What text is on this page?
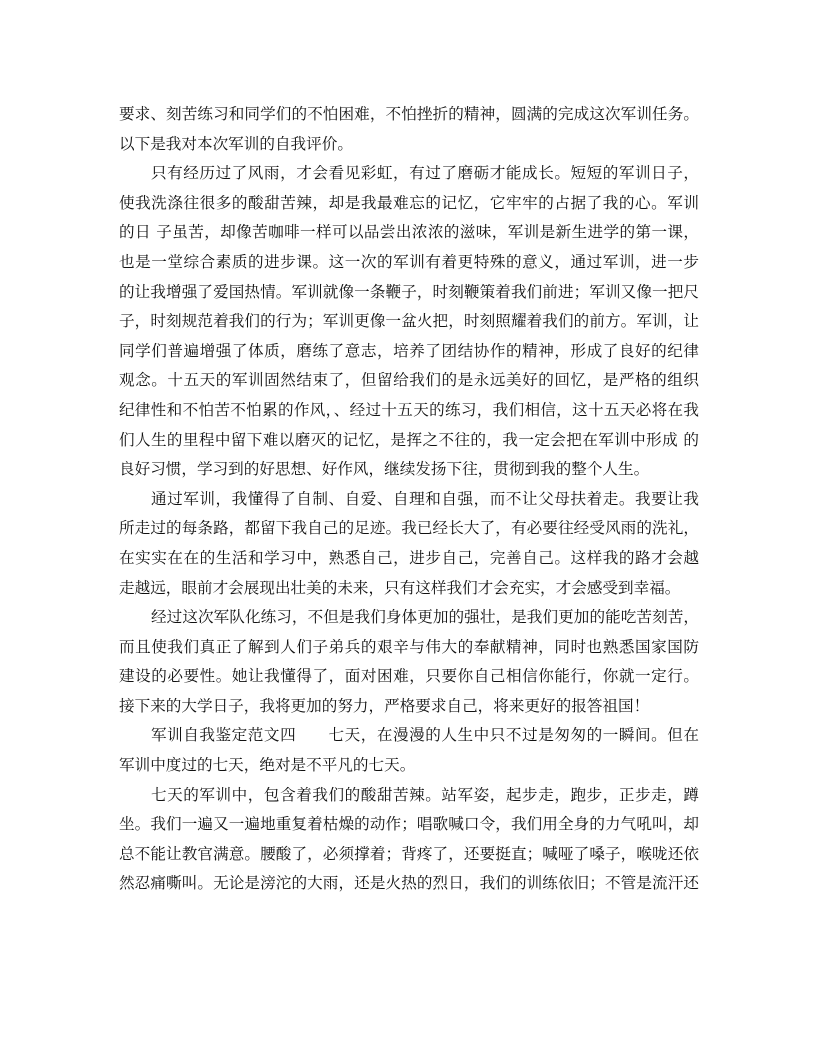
要求、刻苦练习和同学们的不怕困难，不怕挫折的精神，圆满的完成这次军训任务。
以下是我对本次军训的自我评价。
只有经历过了风雨，才会看见彩虹，有过了磨砺才能成长。短短的军训日子，
使我洗涤往很多的酸甜苦辣，却是我最难忘的记忆，它牢牢的占据了我的心。军训
的日 子虽苦，却像苦咖啡一样可以品尝出浓浓的滋味，军训是新生进学的第一课，
也是一堂综合素质的进步课。这一次的军训有着更特殊的意义，通过军训，进一步
的让我增强了爱国热情。军训就像一条鞭子，时刻鞭策着我们前进；军训又像一把尺
子，时刻规范着我们的行为；军训更像一盆火把，时刻照耀着我们的前方。军训，让
同学们普遍增强了体质，磨练了意志，培养了团结协作的精神，形成了良好的纪律
观念。十五天的军训固然结束了，但留给我们的是永远美好的回忆，是严格的组织
纪律性和不怕苦不怕累的作风，、经过十五天的练习，我们相信，这十五天必将在我
们人生的里程中留下难以磨灭的记忆，是挥之不往的，我一定会把在军训中形成 的
良好习惯，学习到的好思想、好作风，继续发扬下往，贯彻到我的整个人生。
通过军训，我懂得了自制、自爱、自理和自强，而不让父母扶着走。我要让我
所走过的每条路，都留下我自己的足迹。我已经长大了，有必要往经受风雨的洗礼，
在实实在在的生活和学习中，熟悉自己，进步自己，完善自己。这样我的路才会越
走越远，眼前才会展现出壮美的未来，只有这样我们才会充实，才会感受到幸福。
经过这次军队化练习，不但是我们身体更加的强壮，是我们更加的能吃苦刻苦，
而且使我们真正了解到人们子弟兵的艰辛与伟大的奉献精神，同时也熟悉国家国防
建设的必要性。她让我懂得了，面对困难，只要你自己相信你能行，你就一定行。
接下来的大学日子，我将更加的努力，严格要求自己，将来更好的报答祖国！
军训自我鉴定范文四　　七天，在漫漫的人生中只不过是匆匆的一瞬间。但在
军训中度过的七天，绝对是不平凡的七天。
七天的军训中，包含着我们的酸甜苦辣。站军姿，起步走，跑步，正步走，蹲
坐。我们一遍又一遍地重复着枯燥的动作；唱歌喊口令，我们用全身的力气吼叫，却
总不能让教官满意。腰酸了，必须撑着；背疼了，还要挺直；喊哑了嗓子，喉咙还依
然忍痛嘶叫。无论是滂沱的大雨，还是火热的烈日，我们的训练依旧；不管是流汗还
